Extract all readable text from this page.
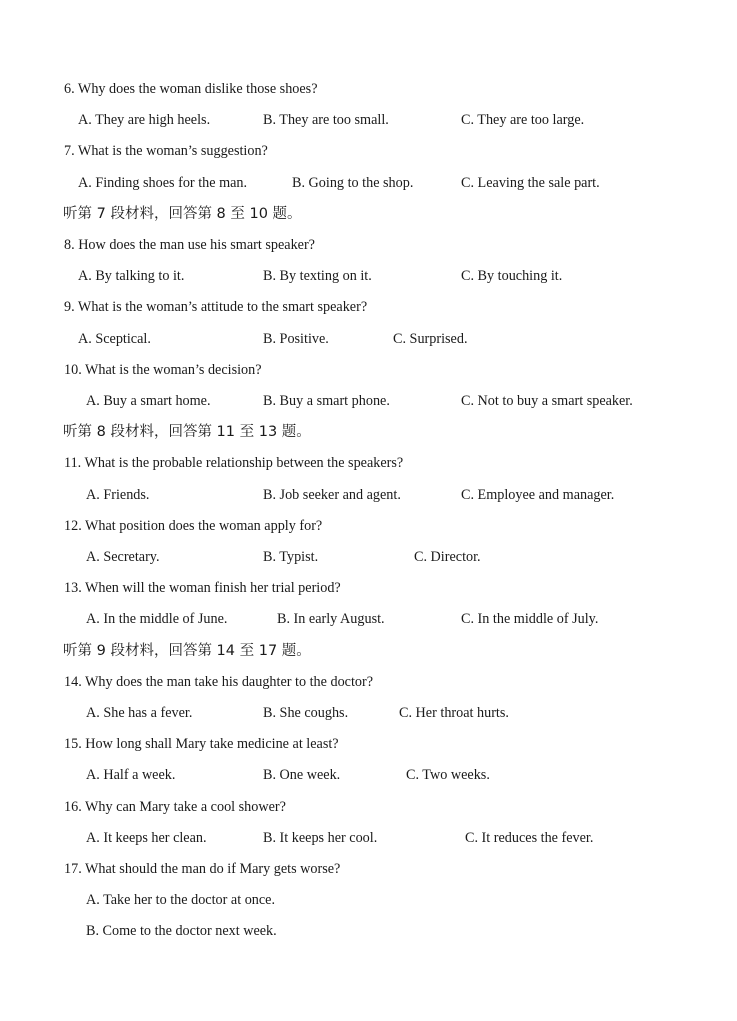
6. Why does the woman dislike those shoes?
A. They are high heels.	B. They are too small.	C. They are too large.
7. What is the woman’s suggestion?
A. Finding shoes for the man.	B. Going to the shop.	C. Leaving the sale part.
听第 7 段材料，回答第 8 至 10 题。
8. How does the man use his smart speaker?
A. By talking to it.	B. By texting on it.	C. By touching it.
9. What is the woman’s attitude to the smart speaker?
A. Sceptical.	B. Positive.	C. Surprised.
10. What is the woman’s decision?
A. Buy a smart home.	B. Buy a smart phone.	C. Not to buy a smart speaker.
听第 8 段材料，回答第 11 至 13 题。
11. What is the probable relationship between the speakers?
A. Friends.	B. Job seeker and agent.	C. Employee and manager.
12. What position does the woman apply for?
A. Secretary.	B. Typist.	C. Director.
13. When will the woman finish her trial period?
A. In the middle of June.	B. In early August.	C. In the middle of July.
听第 9 段材料，回答第 14 至 17 题。
14. Why does the man take his daughter to the doctor?
A. She has a fever.	B. She coughs.	C. Her throat hurts.
15. How long shall Mary take medicine at least?
A. Half a week.	B. One week.	C. Two weeks.
16. Why can Mary take a cool shower?
A. It keeps her clean.	B. It keeps her cool.	C. It reduces the fever.
17. What should the man do if Mary gets worse?
A. Take her to the doctor at once.
B. Come to the doctor next week.
